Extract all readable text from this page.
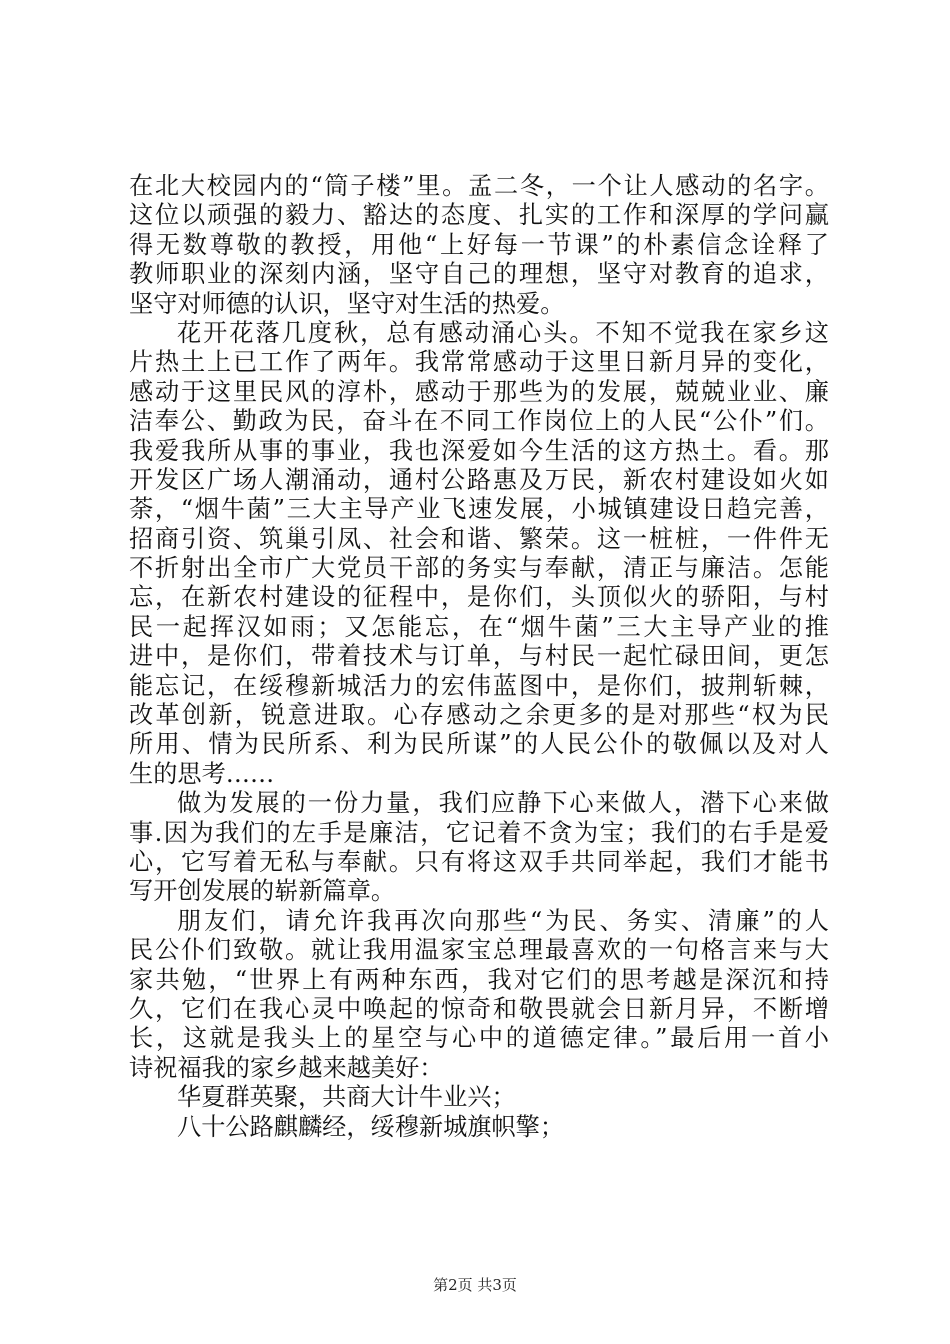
在北大校园内的“筒子楼”里。孟二冬，一个让人感动的名字。
这位以顽强的毅力、豁达的态度、扎实的工作和深厚的学问赢
得无数尊敬的教授，用他“上好每一节课”的朴素信念诠释了
教师职业的深刻内涵，坚守自己的理想，坚守对教育的追求，
坚守对师德的认识，坚守对生活的热爱。
花开花落几度秋，总有感动涌心头。不知不觉我在家乡这
片热土上已工作了两年。我常常感动于这里日新月异的变化，
感动于这里民风的淳朴，感动于那些为的发展，兢兢业业、廉
洁奉公、勤政为民，奋斗在不同工作岗位上的人民“公仆”们。
我爱我所从事的事业，我也深爱如今生活的这方热土。看。那
开发区广场人潮涌动，通村公路惠及万民，新农村建设如火如
荼，“烟牛菌”三大主导产业飞速发展，小城镇建设日趋完善，
招商引资、筑巢引凤、社会和谐、繁荣。这一桩桩，一件件无
不折射出全市广大党员干部的务实与奉献，清正与廉洁。怎能
忘，在新农村建设的征程中，是你们，头顶似火的骄阳，与村
民一起挥汉如雨；又怎能忘，在“烟牛菌”三大主导产业的推
进中，是你们，带着技术与订单，与村民一起忙碌田间，更怎
能忘记，在绥穆新城活力的宏伟蓝图中，是你们，披荆斩棘，
改革创新，锐意进取。心存感动之余更多的是对那些“权为民
所用、情为民所系、利为民所谋”的人民公仆的敬佩以及对人
生的思考……
做为发展的一份力量，我们应静下心来做人，潜下心来做
事.因为我们的左手是廉洁，它记着不贪为宝；我们的右手是爱
心，它写着无私与奉献。只有将这双手共同举起，我们才能书
写开创发展的崭新篇章。
朋友们，请允许我再次向那些“为民、务实、清廉”的人
民公仆们致敬。就让我用温家宝总理最喜欢的一句格言来与大
家共勉，“世界上有两种东西，我对它们的思考越是深沉和持
久，它们在我心灵中唤起的惊奇和敬畏就会日新月异，不断增
长，这就是我头上的星空与心中的道德定律。”最后用一首小
诗祝福我的家乡越来越美好：
华夏群英聚，共商大计牛业兴；
八十公路麒麟经，绥穆新城旗帜擎；
第2页 共3页
